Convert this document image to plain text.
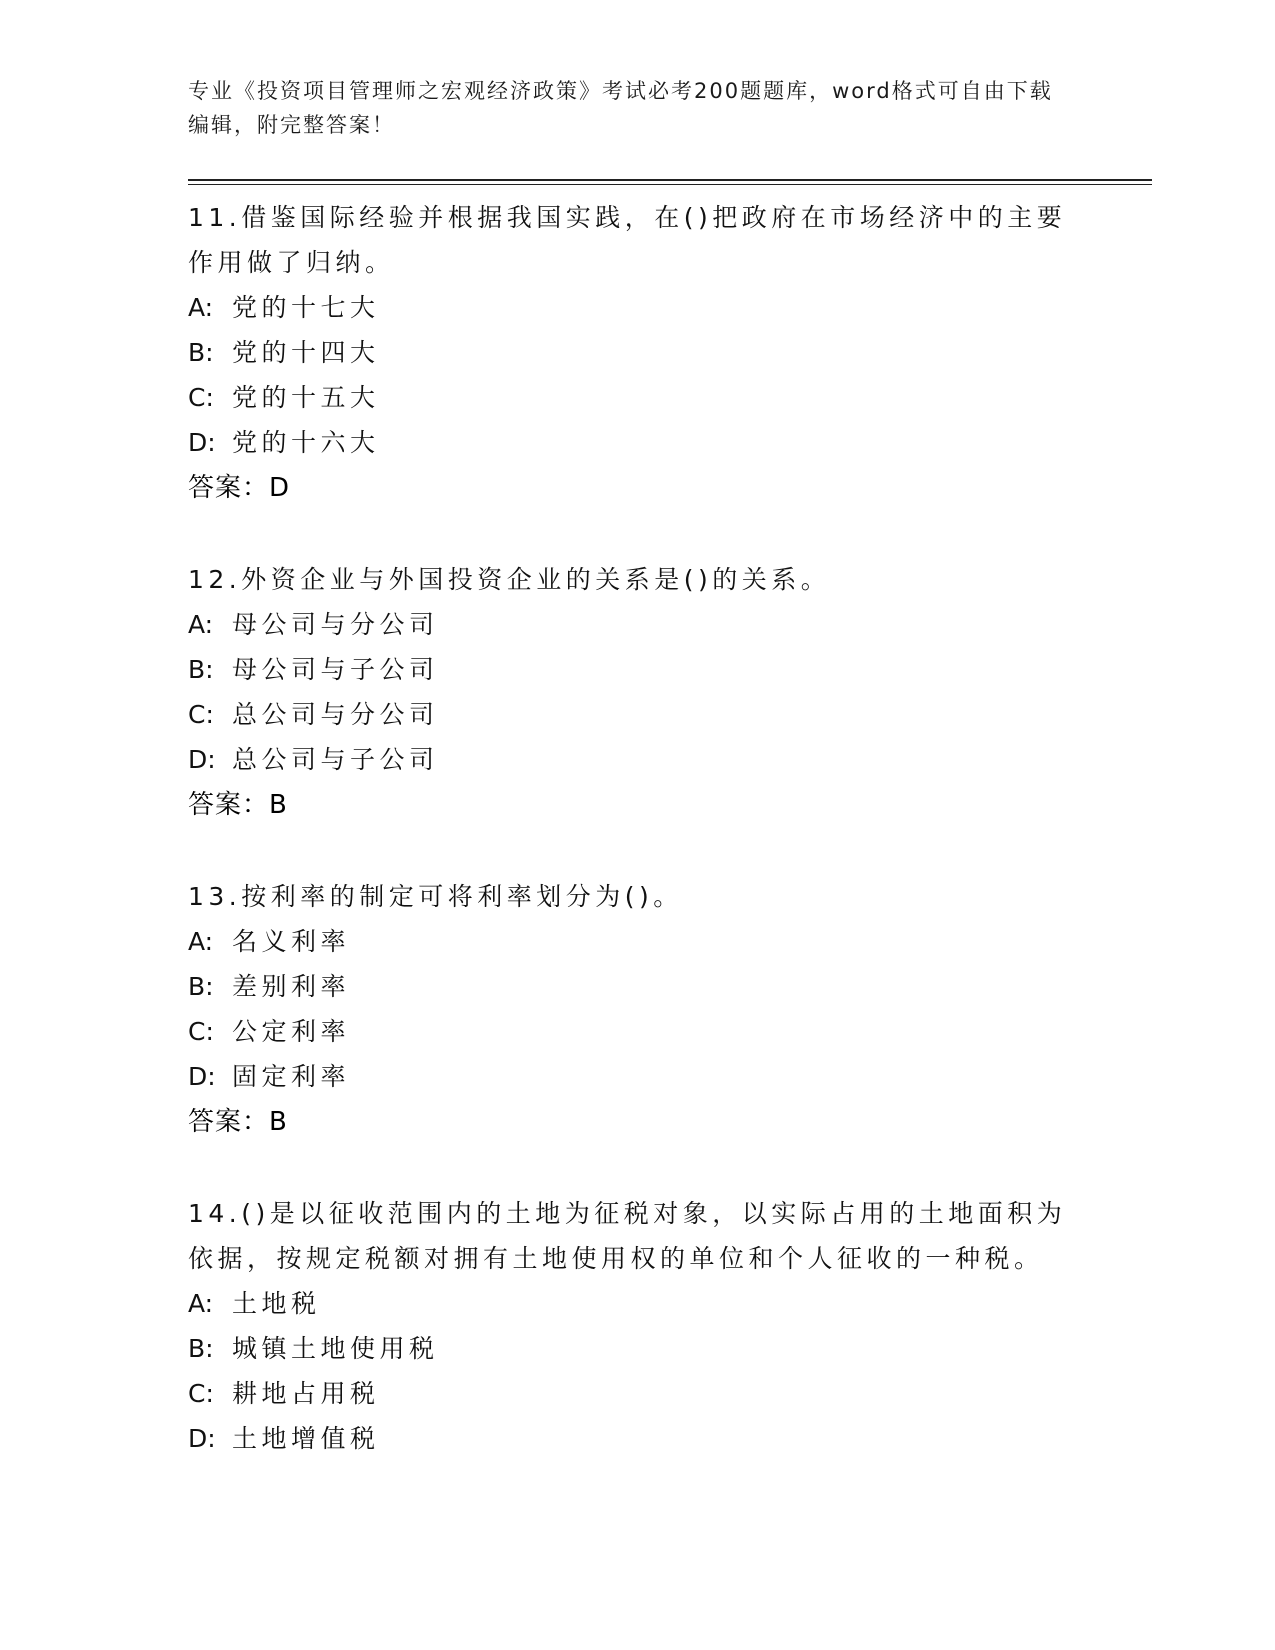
专业《投资项目管理师之宏观经济政策》考试必考200题题库，word格式可自由下载编辑，附完整答案！
11.借鉴国际经验并根据我国实践，在()把政府在市场经济中的主要作用做了归纳。
A: 党的十七大
B: 党的十四大
C: 党的十五大
D: 党的十六大
答案：D
12.外资企业与外国投资企业的关系是()的关系。
A: 母公司与分公司
B: 母公司与子公司
C: 总公司与分公司
D: 总公司与子公司
答案：B
13.按利率的制定可将利率划分为()。
A: 名义利率
B: 差别利率
C: 公定利率
D: 固定利率
答案：B
14.()是以征收范围内的土地为征税对象，以实际占用的土地面积为依据，按规定税额对拥有土地使用权的单位和个人征收的一种税。
A: 土地税
B: 城镇土地使用税
C: 耕地占用税
D: 土地增值税
